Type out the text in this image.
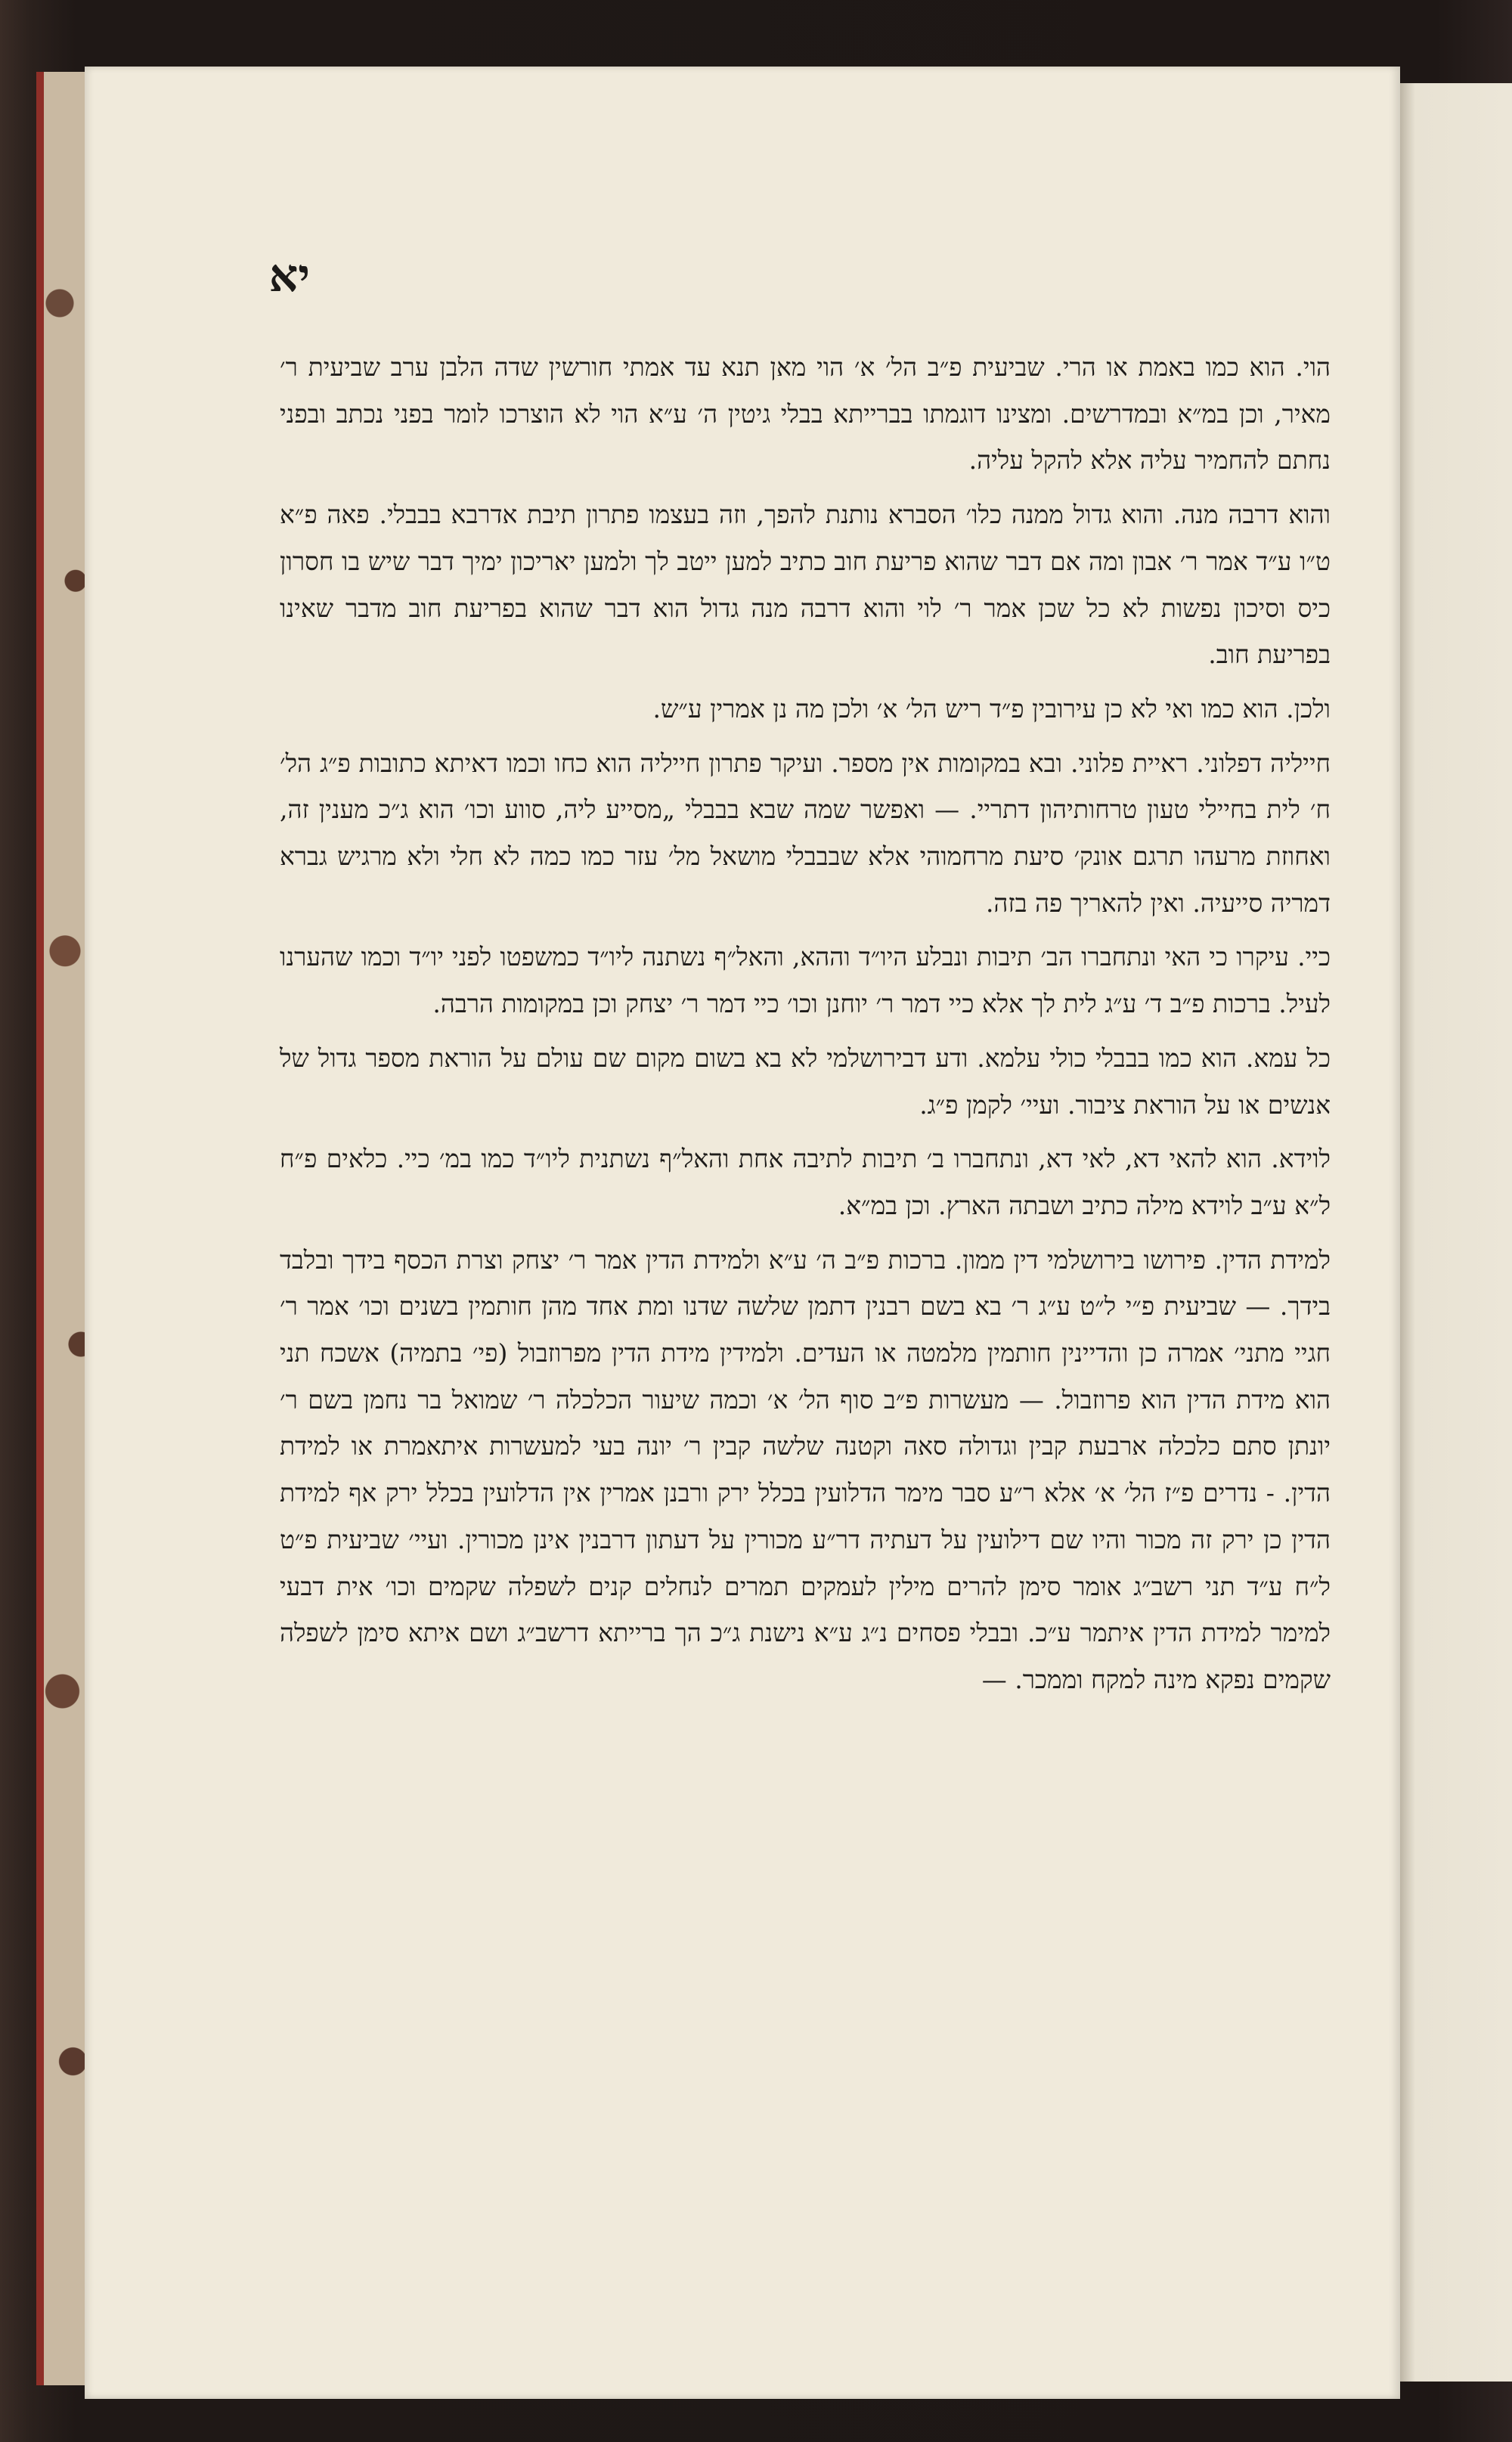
יא

הוי. הוא כמו באמת או הרי. שביעית פ״ב הל׳ א׳ הוי מאן תנא עד אמתי חורשין שדה הלבן ערב שביעית ר׳ מאיר, וכן במ״א ובמדרשים. ומצינו דוגמתו בברייתא בבלי גיטין ה׳ ע״א הוי לא הוצרכו לומר בפני נכתב ובפני נחתם להחמיר עליה אלא להקל עליה.

והוא דרבה מנה. והוא גדול ממנה כלו׳ הסברא נותנת להפך, וזה בעצמו פתרון תיבת אדרבא בבבלי. פאה פ״א ט״ו ע״ד אמר ר׳ אבון ומה אם דבר שהוא פריעת חוב כתיב למען ייטב לך ולמען יאריכון ימיך דבר שיש בו חסרון כיס וסיכון נפשות לא כל שכן אמר ר׳ לוי והוא דרבה מנה גדול הוא דבר שהוא בפריעת חוב מדבר שאינו בפריעת חוב.

ולכן. הוא כמו ואי לא כן עירובין פ״ד ריש הל׳ א׳ ולכן מה נן אמרין ע״ש.

חייליה דפלוני. ראיית פלוני. ובא במקומות אין מספר. ועיקר פתרון חייליה הוא כחו וכמו דאיתא כתובות פ״ג הל׳ ח׳ לית בחיילי טעון טרחותיהון דתריי. — ואפשר שמה שבא בבבלי „מסייע ליה, סווע וכו׳ הוא ג״כ מענין זה, ואחוזת מרעהו תרגם אונק׳ סיעת מרחמוהי אלא שבבבלי מושאל מל׳ עזר כמו כמה לא חלי ולא מרגיש גברא דמריה סייעיה. ואין להאריך פה בזה.

כיי. עיקרו כי האי ונתחברו הב׳ תיבות ונבלע היו״ד וההא, והאל״ף נשתנה ליו״ד כמשפטו לפני יו״ד וכמו שהערנו לעיל. ברכות פ״ב ד׳ ע״ג לית לך אלא כיי דמר ר׳ יוחנן וכו׳ כיי דמר ר׳ יצחק וכן במקומות הרבה.

כל עמא. הוא כמו בבבלי כולי עלמא. ודע דבירושלמי לא בא בשום מקום שם עולם על הוראת מספר גדול של אנשים או על הוראת ציבור. ועיי׳ לקמן פ״ג.

לוידא. הוא להאי דא, לאי דא, ונתחברו ב׳ תיבות לתיבה אחת והאל״ף נשתנית ליו״ד כמו במ׳ כיי. כלאים פ״ח ל״א ע״ב לוידא מילה כתיב ושבתה הארץ. וכן במ״א.

למידת הדין. פירושו בירושלמי דין ממון. ברכות פ״ב ה׳ ע״א ולמידת הדין אמר ר׳ יצחק וצרת הכסף בידך ובלבד בידך. — שביעית פ״י ל״ט ע״ג ר׳ בא בשם רבנין דתמן שלשה שדנו ומת אחד מהן חותמין בשנים וכו׳ אמר ר׳ חגיי מתני׳ אמרה כן והדיינין חותמין מלמטה או העדים. ולמידין מידת הדין מפרוזבול (פי׳ בתמיה) אשכח תני הוא מידת הדין הוא פרוזבול. — מעשרות פ״ב סוף הל׳ א׳ וכמה שיעור הכלכלה ר׳ שמואל בר נחמן בשם ר׳ יונתן סתם כלכלה ארבעת קבין וגדולה סאה וקטנה שלשה קבין ר׳ יונה בעי למעשרות איתאמרת או למידת הדין. - נדרים פ״ז הל׳ א׳ אלא ר״ע סבר מימר הדלועין בכלל ירק ורבנן אמרין אין הדלועין בכלל ירק אף למידת הדין כן ירק זה מכור והיו שם דילועין על דעתיה דר״ע מכורין על דעתון דרבנין אינן מכורין. ועיי׳ שביעית פ״ט ל״ח ע״ד תני רשב״ג אומר סימן להרים מילין לעמקים תמרים לנחלים קנים לשפלה שקמים וכו׳ אית דבעי למימר למידת הדין איתמר ע״כ. ובבלי פסחים נ״ג ע״א נישנת ג״כ הך ברייתא דרשב״ג ושם איתא סימן לשפלה שקמים נפקא מינה למקח וממכר. —
